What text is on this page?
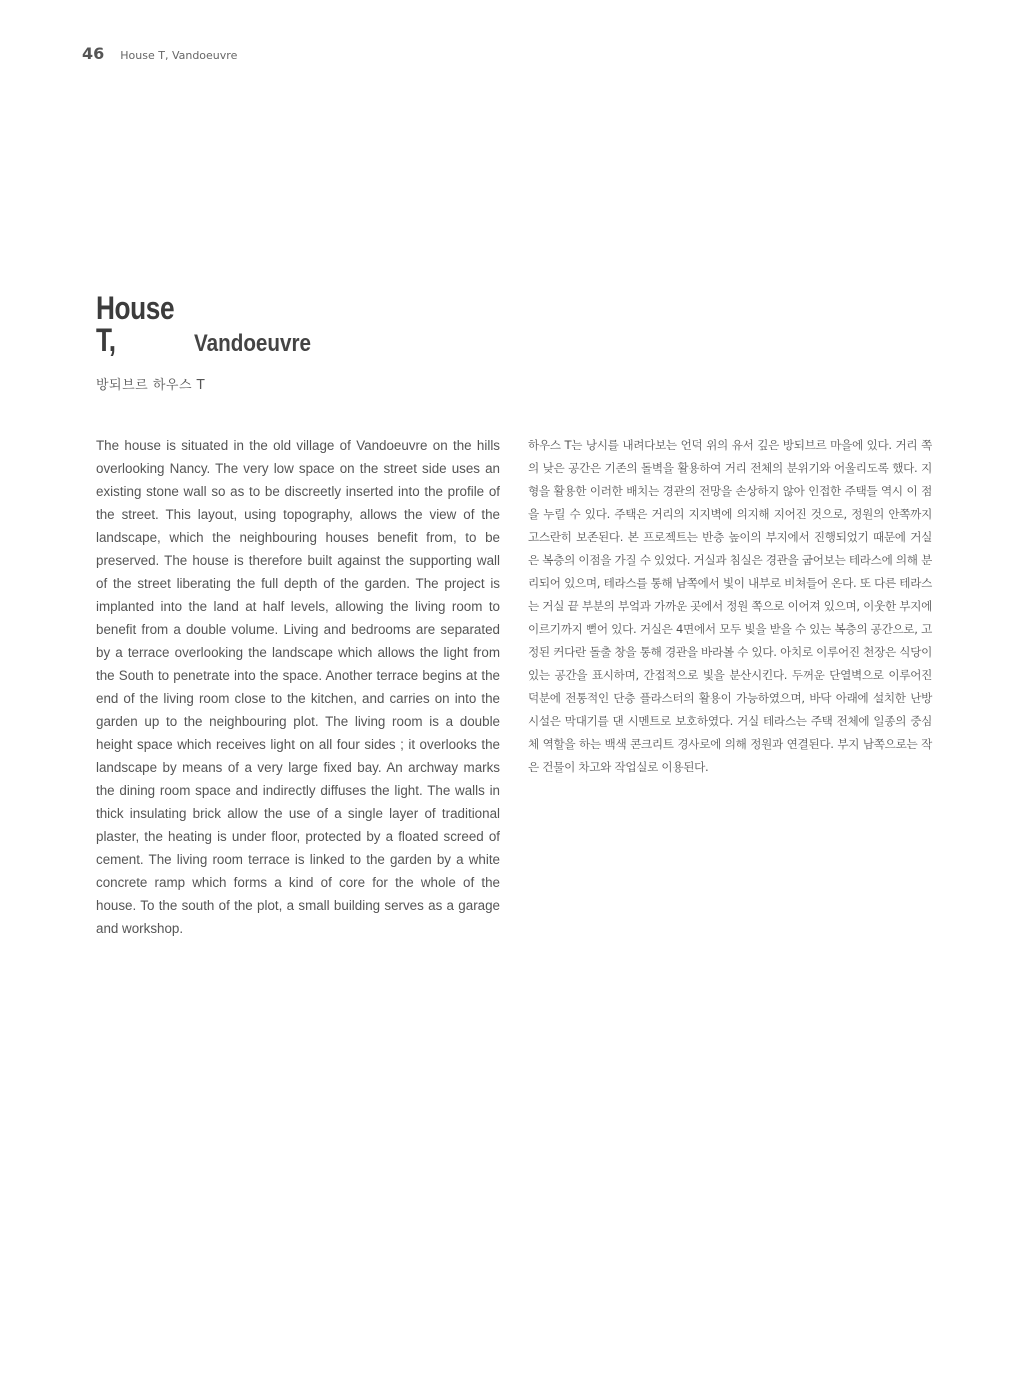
46 House T, Vandoeuvre
House T,	Vandoeuvre
방되브르 하우스 T

The house is situated in the old village of Vandoeuvre on the hills overlooking Nancy. The very low space on the street side uses an existing stone wall so as to be discreetly inserted into the profile of the street. This layout, using topography, allows the view of the landscape, which the neighbouring houses benefit from, to be preserved. The house is therefore built against the supporting wall of the street liberating the full depth of the garden. The project is implanted into the land at half levels, allowing the living room to benefit from a double volume. Living and bedrooms are separated by a terrace overlooking the landscape which allows the light from the South to penetrate into the space. Another terrace begins at the end of the living room close to the kitchen, and carries on into the garden up to the neighbouring plot. The living room is a double height space which receives light on all four sides ; it overlooks the landscape by means of a very large fixed bay. An archway marks the dining room space and indirectly diffuses the light. The walls in thick insulating brick allow the use of a single layer of traditional plaster, the heating is under floor, protected by a floated screed of cement. The living room terrace is linked to the garden by a white concrete ramp which forms a kind of core for the whole of the house. To the south of the plot, a small building serves as a garage and workshop.

하우스 T는 낭시를 내려다보는 언덕 위의 유서 깊은 방되브르 마을에 있다. 거리 쪽의 낮은 공간은 기존의 돌벽을 활용하여 거리 전체의 분위기와 어울리도록 했다. 지형을 활용한 이러한 배치는 경관의 전망을 손상하지 않아 인접한 주택들 역시 이 점을 누릴 수 있다. 주택은 거리의 지지벽에 의지해 지어진 것으로, 정원의 안쪽까지 고스란히 보존된다. 본 프로젝트는 반층 높이의 부지에서 진행되었기 때문에 거실은 복층의 이점을 가질 수 있었다. 거실과 침실은 경관을 굽어보는 테라스에 의해 분리되어 있으며, 테라스를 통해 남쪽에서 빛이 내부로 비쳐들어 온다. 또 다른 테라스는 거실 끝 부분의 부엌과 가까운 곳에서 정원 쪽으로 이어져 있으며, 이웃한 부지에 이르기까지 뻗어 있다. 거실은 4면에서 모두 빛을 받을 수 있는 복층의 공간으로, 고정된 커다란 돌출 창을 통해 경관을 바라볼 수 있다. 아치로 이루어진 천장은 식당이 있는 공간을 표시하며, 간접적으로 빛을 분산시킨다. 두꺼운 단열벽으로 이루어진 덕분에 전통적인 단층 플라스터의 활용이 가능하였으며, 바닥 아래에 설치한 난방시설은 막대기를 댄 시멘트로 보호하였다. 거실 테라스는 주택 전체에 일종의 중심체 역할을 하는 백색 콘크리트 경사로에 의해 정원과 연결된다. 부지 남쪽으로는 작은 건물이 차고와 작업실로 이용된다.
